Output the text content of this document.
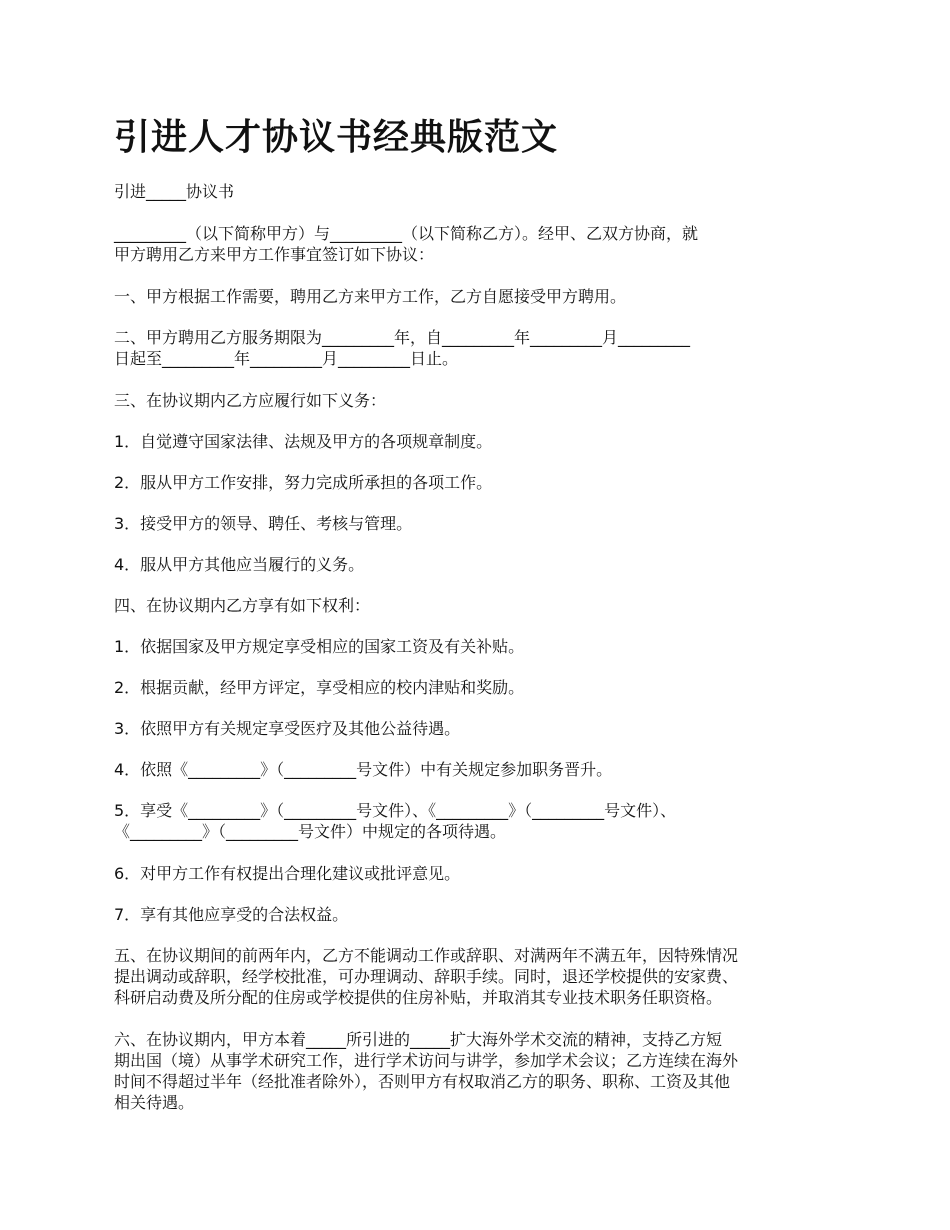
引进人才协议书经典版范文
引进_____协议书
_________（以下简称甲方）与_________（以下简称乙方）。经甲、乙双方协商，就
甲方聘用乙方来甲方工作事宜签订如下协议：
一、甲方根据工作需要，聘用乙方来甲方工作，乙方自愿接受甲方聘用。
二、甲方聘用乙方服务期限为_________年，自_________年_________月_________
日起至_________年_________月_________日止。
三、在协议期内乙方应履行如下义务：
1．自觉遵守国家法律、法规及甲方的各项规章制度。
2．服从甲方工作安排，努力完成所承担的各项工作。
3．接受甲方的领导、聘任、考核与管理。
4．服从甲方其他应当履行的义务。
四、在协议期内乙方享有如下权利：
1．依据国家及甲方规定享受相应的国家工资及有关补贴。
2．根据贡献，经甲方评定，享受相应的校内津贴和奖励。
3．依照甲方有关规定享受医疗及其他公益待遇。
4．依照《_________》（_________号文件）中有关规定参加职务晋升。
5．享受《_________》（_________号文件）、《_________》（_________号文件）、
《_________》（_________号文件）中规定的各项待遇。
6．对甲方工作有权提出合理化建议或批评意见。
7．享有其他应享受的合法权益。
五、在协议期间的前两年内，乙方不能调动工作或辞职、对满两年不满五年，因特殊情况
提出调动或辞职，经学校批准，可办理调动、辞职手续。同时，退还学校提供的安家费、
科研启动费及所分配的住房或学校提供的住房补贴，并取消其专业技术职务任职资格。
六、在协议期内，甲方本着_____所引进的_____扩大海外学术交流的精神，支持乙方短
期出国（境）从事学术研究工作，进行学术访问与讲学，参加学术会议；乙方连续在海外
时间不得超过半年（经批准者除外），否则甲方有权取消乙方的职务、职称、工资及其他
相关待遇。
